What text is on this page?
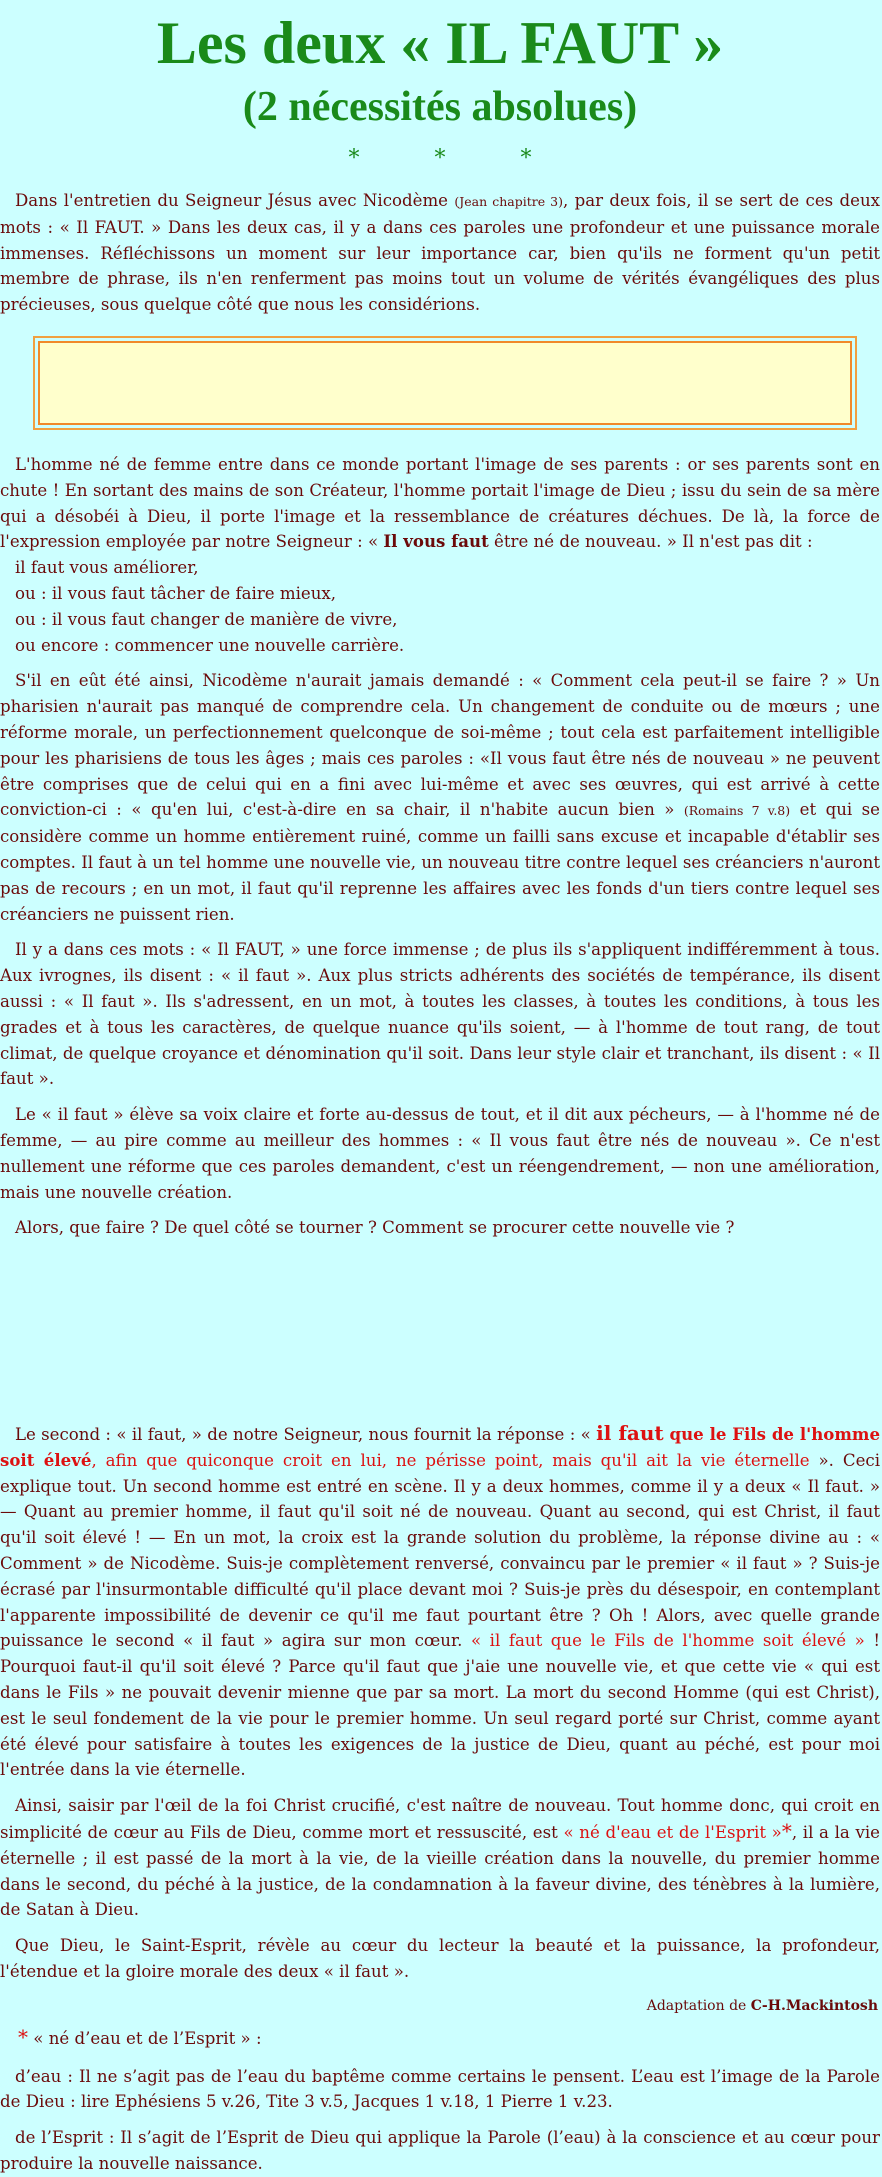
Les deux « IL FAUT »
(2 nécessités absolues)
* * *

Dans l'entretien du Seigneur Jésus avec Nicodème (Jean chapitre 3), par deux fois, il se sert de ces deux mots : « Il FAUT. » Dans les deux cas, il y a dans ces paroles une profondeur et une puissance morale immenses. Réfléchissons un moment sur leur importance car, bien qu'ils ne forment qu'un petit membre de phrase, ils n'en renferment pas moins tout un volume de vérités évangéliques des plus précieuses, sous quelque côté que nous les considérions.

L'homme né de femme entre dans ce monde portant l'image de ses parents : or ses parents sont en chute ! En sortant des mains de son Créateur, l'homme portait l'image de Dieu ; issu du sein de sa mère qui a désobéi à Dieu, il porte l'image et la ressemblance de créatures déchues. De là, la force de l'expression employée par notre Seigneur : « Il vous faut être né de nouveau. » Il n'est pas dit :

il faut vous améliorer,
ou : il vous faut tâcher de faire mieux,
ou : il vous faut changer de manière de vivre,
ou encore : commencer une nouvelle carrière.

S'il en eût été ainsi, Nicodème n'aurait jamais demandé : « Comment cela peut-il se faire ? » Un pharisien n'aurait pas manqué de comprendre cela. Un changement de conduite ou de mœurs ; une réforme morale, un perfectionnement quelconque de soi-même ; tout cela est parfaitement intelligible pour les pharisiens de tous les âges ; mais ces paroles : «Il vous faut être nés de nouveau » ne peuvent être comprises que de celui qui en a fini avec lui-même et avec ses œuvres, qui est arrivé à cette conviction-ci : « qu'en lui, c'est-à-dire en sa chair, il n'habite aucun bien » (Romains 7 v.8) et qui se considère comme un homme entièrement ruiné, comme un failli sans excuse et incapable d'établir ses comptes. Il faut à un tel homme une nouvelle vie, un nouveau titre contre lequel ses créanciers n'auront pas de recours ; en un mot, il faut qu'il reprenne les affaires avec les fonds d'un tiers contre lequel ses créanciers ne puissent rien.

Il y a dans ces mots : « Il FAUT, » une force immense ; de plus ils s'appliquent indifféremment à tous. Aux ivrognes, ils disent : « il faut ». Aux plus stricts adhérents des sociétés de tempérance, ils disent aussi : « Il faut ». Ils s'adressent, en un mot, à toutes les classes, à toutes les conditions, à tous les grades et à tous les caractères, de quelque nuance qu'ils soient, — à l'homme de tout rang, de tout climat, de quelque croyance et dénomination qu'il soit. Dans leur style clair et tranchant, ils disent : « Il faut ».

Le « il faut » élève sa voix claire et forte au-dessus de tout, et il dit aux pécheurs, — à l'homme né de femme, — au pire comme au meilleur des hommes : « Il vous faut être nés de nouveau ». Ce n'est nullement une réforme que ces paroles demandent, c'est un réengendrement, — non une amélioration, mais une nouvelle création.

Alors, que faire ? De quel côté se tourner ? Comment se procurer cette nouvelle vie ?

Le second : « il faut, » de notre Seigneur, nous fournit la réponse : « il faut que le Fils de l'homme soit élevé, afin que quiconque croit en lui, ne périsse point, mais qu'il ait la vie éternelle ». Ceci explique tout. Un second homme est entré en scène. Il y a deux hommes, comme il y a deux « Il faut. » — Quant au premier homme, il faut qu'il soit né de nouveau. Quant au second, qui est Christ, il faut qu'il soit élevé ! — En un mot, la croix est la grande solution du problème, la réponse divine au : « Comment » de Nicodème. Suis-je complètement renversé, convaincu par le premier « il faut » ? Suis-je écrasé par l'insurmontable difficulté qu'il place devant moi ? Suis-je près du désespoir, en contemplant l'apparente impossibilité de devenir ce qu'il me faut pourtant être ? Oh ! Alors, avec quelle grande puissance le second « il faut » agira sur mon cœur. « il faut que le Fils de l'homme soit élevé » ! Pourquoi faut-il qu'il soit élevé ? Parce qu'il faut que j'aie une nouvelle vie, et que cette vie « qui est dans le Fils » ne pouvait devenir mienne que par sa mort. La mort du second Homme (qui est Christ), est le seul fondement de la vie pour le premier homme. Un seul regard porté sur Christ, comme ayant été élevé pour satisfaire à toutes les exigences de la justice de Dieu, quant au péché, est pour moi l'entrée dans la vie éternelle.

Ainsi, saisir par l'œil de la foi Christ crucifié, c'est naître de nouveau. Tout homme donc, qui croit en simplicité de cœur au Fils de Dieu, comme mort et ressuscité, est « né d'eau et de l'Esprit »*, il a la vie éternelle ; il est passé de la mort à la vie, de la vieille création dans la nouvelle, du premier homme dans le second, du péché à la justice, de la condamnation à la faveur divine, des ténèbres à la lumière, de Satan à Dieu.

Que Dieu, le Saint-Esprit, révèle au cœur du lecteur la beauté et la puissance, la profondeur, l'étendue et la gloire morale des deux « il faut ».

Adaptation de C-H.Mackintosh
* « né d’eau et de l’Esprit » :

d’eau : Il ne s’agit pas de l’eau du baptême comme certains le pensent. L’eau est l’image de la Parole de Dieu : lire Ephésiens 5 v.26, Tite 3 v.5, Jacques 1 v.18, 1 Pierre 1 v.23.

de l’Esprit : Il s’agit de l’Esprit de Dieu qui applique la Parole (l’eau) à la conscience et au cœur pour produire la nouvelle naissance.
